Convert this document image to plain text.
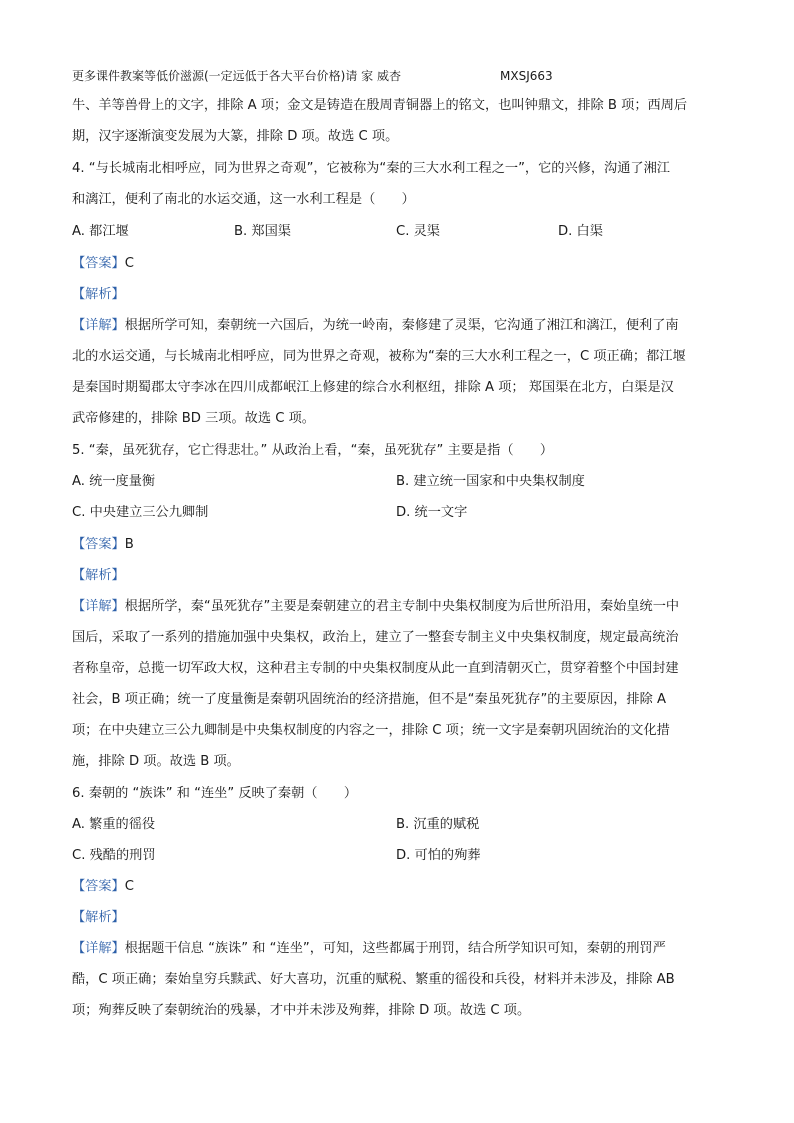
更多课件教案等低价滋源(一定远低于各大平台价格)请 家 威杏	MXSJ663
牛、羊等兽骨上的文字，排除 A 项；金文是铸造在殷周青铜器上的铭文，也叫钟鼎文，排除 B 项；西周后
期，汉字逐渐演变发展为大篆，排除 D 项。故选 C 项。
4. “与长城南北相呼应，同为世界之奇观”，它被称为“秦的三大水利工程之一”，它的兴修，沟通了湘江
和漓江，便利了南北的水运交通，这一水利工程是（　　）
A. 都江堰	B. 郑国渠	C. 灵渠	D. 白渠
【答案】C
【解析】
【详解】根据所学可知，秦朝统一六国后，为统一岭南，秦修建了灵渠，它沟通了湘江和漓江，便利了南
北的水运交通，与长城南北相呼应，同为世界之奇观，被称为“秦的三大水利工程之一，C 项正确；都江堰
是秦国时期蜀郡太守李冰在四川成都岷江上修建的综合水利枢纽，排除 A 项； 郑国渠在北方，白渠是汉
武帝修建的，排除 BD 三项。故选 C 项。
5. “秦，虽死犹存，它亡得悲壮。” 从政治上看，“秦，虽死犹存” 主要是指（　　）
A. 统一度量衡	B. 建立统一国家和中央集权制度
C. 中央建立三公九卿制	D. 统一文字
【答案】B
【解析】
【详解】根据所学，秦“虽死犹存”主要是秦朝建立的君主专制中央集权制度为后世所沿用，秦始皇统一中
国后，采取了一系列的措施加强中央集权，政治上，建立了一整套专制主义中央集权制度，规定最高统治
者称皇帝，总揽一切军政大权，这种君主专制的中央集权制度从此一直到清朝灭亡，贯穿着整个中国封建
社会，B 项正确；统一了度量衡是秦朝巩固统治的经济措施，但不是“秦虽死犹存”的主要原因，排除 A
项；在中央建立三公九卿制是中央集权制度的内容之一，排除 C 项；统一文字是秦朝巩固统治的文化措
施，排除 D 项。故选 B 项。
6. 秦朝的 “族诛” 和 “连坐” 反映了秦朝（　　）
A. 繁重的徭役	B. 沉重的赋税
C. 残酷的刑罚	D. 可怕的殉葬
【答案】C
【解析】
【详解】根据题干信息 “族诛” 和 “连坐”，可知，这些都属于刑罚，结合所学知识可知，秦朝的刑罚严
酷，C 项正确；秦始皇穷兵黩武、好大喜功，沉重的赋税、繁重的徭役和兵役，材料并未涉及，排除 AB
项；殉葬反映了秦朝统治的残暴，才中并未涉及殉葬，排除 D 项。故选 C 项。
